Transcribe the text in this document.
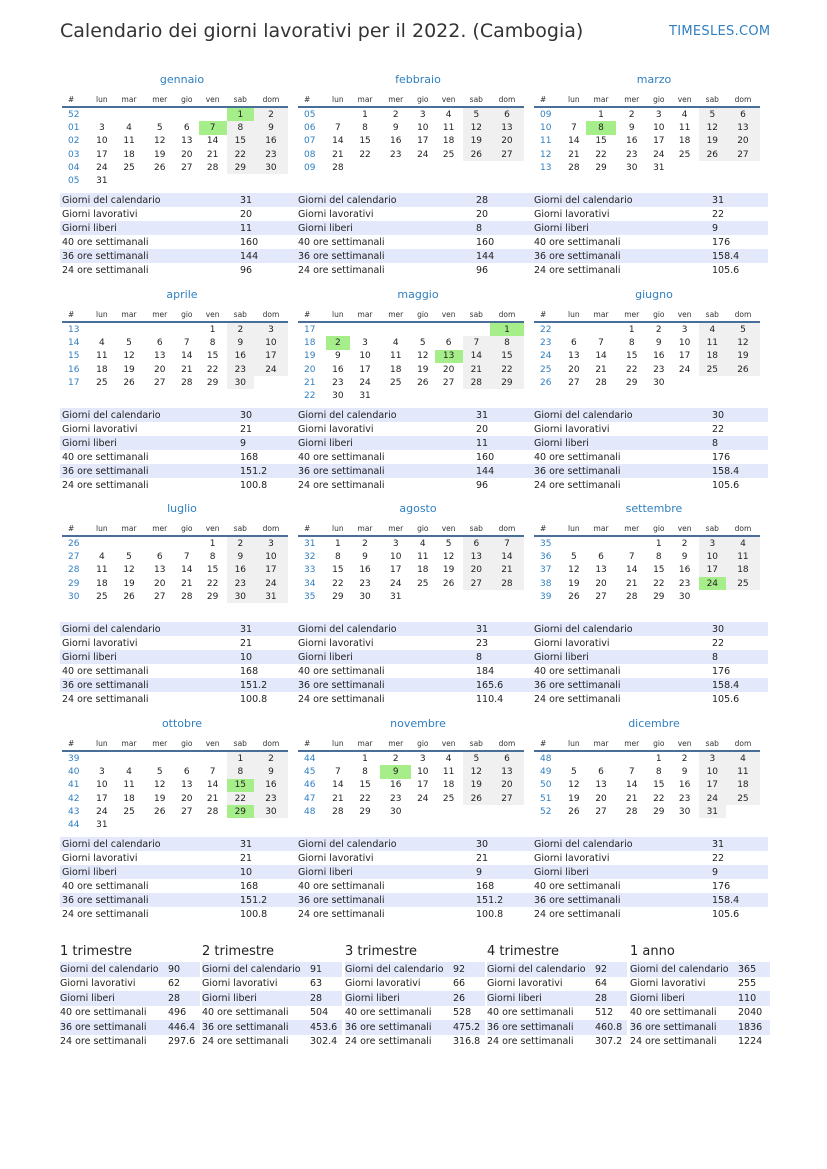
Calendario dei giorni lavorativi per il 2022. (Cambogia)	TIMESLES.COM
gennaio
#	lun	mar	mer	gio	ven	sab	dom
52						1	2
01	3	4	5	6	7	8	9
02	10	11	12	13	14	15	16
03	17	18	19	20	21	22	23
04	24	25	26	27	28	29	30
05	31						
Giorni del calendario	31
Giorni lavorativi	20
Giorni liberi	11
40 ore settimanali	160
36 ore settimanali	144
24 ore settimanali	96
febbraio
#	lun	mar	mer	gio	ven	sab	dom
05		1	2	3	4	5	6
06	7	8	9	10	11	12	13
07	14	15	16	17	18	19	20
08	21	22	23	24	25	26	27
09	28						
Giorni del calendario	28
Giorni lavorativi	20
Giorni liberi	8
40 ore settimanali	160
36 ore settimanali	144
24 ore settimanali	96
marzo
#	lun	mar	mer	gio	ven	sab	dom
09		1	2	3	4	5	6
10	7	8	9	10	11	12	13
11	14	15	16	17	18	19	20
12	21	22	23	24	25	26	27
13	28	29	30	31			
Giorni del calendario	31
Giorni lavorativi	22
Giorni liberi	9
40 ore settimanali	176
36 ore settimanali	158.4
24 ore settimanali	105.6
aprile
#	lun	mar	mer	gio	ven	sab	dom
13					1	2	3
14	4	5	6	7	8	9	10
15	11	12	13	14	15	16	17
16	18	19	20	21	22	23	24
17	25	26	27	28	29	30	
Giorni del calendario	30
Giorni lavorativi	21
Giorni liberi	9
40 ore settimanali	168
36 ore settimanali	151.2
24 ore settimanali	100.8
maggio
#	lun	mar	mer	gio	ven	sab	dom
17							1
18	2	3	4	5	6	7	8
19	9	10	11	12	13	14	15
20	16	17	18	19	20	21	22
21	23	24	25	26	27	28	29
22	30	31					
Giorni del calendario	31
Giorni lavorativi	20
Giorni liberi	11
40 ore settimanali	160
36 ore settimanali	144
24 ore settimanali	96
giugno
#	lun	mar	mer	gio	ven	sab	dom
22			1	2	3	4	5
23	6	7	8	9	10	11	12
24	13	14	15	16	17	18	19
25	20	21	22	23	24	25	26
26	27	28	29	30			
Giorni del calendario	30
Giorni lavorativi	22
Giorni liberi	8
40 ore settimanali	176
36 ore settimanali	158.4
24 ore settimanali	105.6
luglio
#	lun	mar	mer	gio	ven	sab	dom
26					1	2	3
27	4	5	6	7	8	9	10
28	11	12	13	14	15	16	17
29	18	19	20	21	22	23	24
30	25	26	27	28	29	30	31
Giorni del calendario	31
Giorni lavorativi	21
Giorni liberi	10
40 ore settimanali	168
36 ore settimanali	151.2
24 ore settimanali	100.8
agosto
#	lun	mar	mer	gio	ven	sab	dom
31	1	2	3	4	5	6	7
32	8	9	10	11	12	13	14
33	15	16	17	18	19	20	21
34	22	23	24	25	26	27	28
35	29	30	31				
Giorni del calendario	31
Giorni lavorativi	23
Giorni liberi	8
40 ore settimanali	184
36 ore settimanali	165.6
24 ore settimanali	110.4
settembre
#	lun	mar	mer	gio	ven	sab	dom
35				1	2	3	4
36	5	6	7	8	9	10	11
37	12	13	14	15	16	17	18
38	19	20	21	22	23	24	25
39	26	27	28	29	30		
Giorni del calendario	30
Giorni lavorativi	22
Giorni liberi	8
40 ore settimanali	176
36 ore settimanali	158.4
24 ore settimanali	105.6
ottobre
#	lun	mar	mer	gio	ven	sab	dom
39						1	2
40	3	4	5	6	7	8	9
41	10	11	12	13	14	15	16
42	17	18	19	20	21	22	23
43	24	25	26	27	28	29	30
44	31						
Giorni del calendario	31
Giorni lavorativi	21
Giorni liberi	10
40 ore settimanali	168
36 ore settimanali	151.2
24 ore settimanali	100.8
novembre
#	lun	mar	mer	gio	ven	sab	dom
44		1	2	3	4	5	6
45	7	8	9	10	11	12	13
46	14	15	16	17	18	19	20
47	21	22	23	24	25	26	27
48	28	29	30				
Giorni del calendario	30
Giorni lavorativi	21
Giorni liberi	9
40 ore settimanali	168
36 ore settimanali	151.2
24 ore settimanali	100.8
dicembre
#	lun	mar	mer	gio	ven	sab	dom
48				1	2	3	4
49	5	6	7	8	9	10	11
50	12	13	14	15	16	17	18
51	19	20	21	22	23	24	25
52	26	27	28	29	30	31	
Giorni del calendario	31
Giorni lavorativi	22
Giorni liberi	9
40 ore settimanali	176
36 ore settimanali	158.4
24 ore settimanali	105.6
1 trimestre
Giorni del calendario	90
Giorni lavorativi	62
Giorni liberi	28
40 ore settimanali	496
36 ore settimanali	446.4
24 ore settimanali	297.6
2 trimestre
Giorni del calendario	91
Giorni lavorativi	63
Giorni liberi	28
40 ore settimanali	504
36 ore settimanali	453.6
24 ore settimanali	302.4
3 trimestre
Giorni del calendario	92
Giorni lavorativi	66
Giorni liberi	26
40 ore settimanali	528
36 ore settimanali	475.2
24 ore settimanali	316.8
4 trimestre
Giorni del calendario	92
Giorni lavorativi	64
Giorni liberi	28
40 ore settimanali	512
36 ore settimanali	460.8
24 ore settimanali	307.2
1 anno
Giorni del calendario	365
Giorni lavorativi	255
Giorni liberi	110
40 ore settimanali	2040
36 ore settimanali	1836
24 ore settimanali	1224
